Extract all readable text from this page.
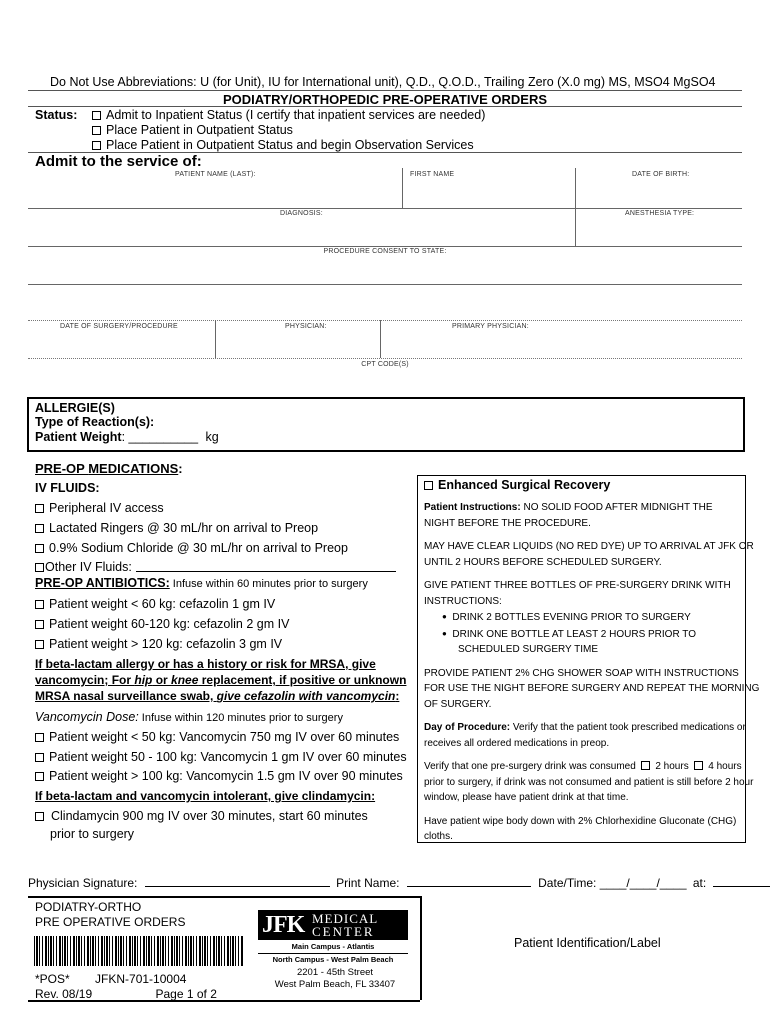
Do Not Use Abbreviations: U (for Unit), IU for International unit), Q.D., Q.O.D., Trailing Zero (X.0 mg) MS, MSO4 MgSO4
PODIATRY/ORTHOPEDIC PRE-OPERATIVE ORDERS
Status:	Admit to Inpatient Status (I certify that inpatient services are needed)
Place Patient in Outpatient Status
Place Patient in Outpatient Status and begin Observation Services
Admit to the service of:
PATIENT NAME (LAST):	FIRST NAME	DATE OF BIRTH:
DIAGNOSIS:	ANESTHESIA TYPE:
PROCEDURE CONSENT TO STATE:
DATE OF SURGERY/PROCEDURE	PHYSICIAN:	PRIMARY PHYSICIAN:
CPT CODE(S)
ALLERGIE(S)
Type of Reaction(s):
Patient Weight: __________ kg
PRE-OP MEDICATIONS:
IV FLUIDS:
Peripheral IV access
Lactated Ringers @ 30 mL/hr on arrival to Preop
0.9% Sodium Chloride @ 30 mL/hr on arrival to Preop
Other IV Fluids:
PRE-OP ANTIBIOTICS: Infuse within 60 minutes prior to surgery
Patient weight < 60 kg: cefazolin 1 gm IV
Patient weight 60-120 kg: cefazolin 2 gm IV
Patient weight > 120 kg: cefazolin 3 gm IV
If beta-lactam allergy or has a history or risk for MRSA, give
vancomycin; For hip or knee replacement, if positive or unknown
MRSA nasal surveillance swab, give cefazolin with vancomycin:
Vancomycin Dose: Infuse within 120 minutes prior to surgery
Patient weight < 50 kg: Vancomycin 750 mg IV over 60 minutes
Patient weight 50 - 100 kg: Vancomycin 1 gm IV over 60 minutes
Patient weight > 100 kg: Vancomycin 1.5 gm IV over 90 minutes
If beta-lactam and vancomycin intolerant, give clindamycin:
Clindamycin 900 mg IV over 30 minutes, start 60 minutes
prior to surgery
Enhanced Surgical Recovery
Patient Instructions: NO SOLID FOOD AFTER MIDNIGHT THE
NIGHT BEFORE THE PROCEDURE.
MAY HAVE CLEAR LIQUIDS (NO RED DYE) UP TO ARRIVAL AT JFK OR
UNTIL 2 HOURS BEFORE SCHEDULED SURGERY.
GIVE PATIENT THREE BOTTLES OF PRE-SURGERY DRINK WITH
INSTRUCTIONS:
● DRINK 2 BOTTLES EVENING PRIOR TO SURGERY
● DRINK ONE BOTTLE AT LEAST 2 HOURS PRIOR TO
SCHEDULED SURGERY TIME
PROVIDE PATIENT 2% CHG SHOWER SOAP WITH INSTRUCTIONS
FOR USE THE NIGHT BEFORE SURGERY AND REPEAT THE MORNING
OF SURGERY.
Day of Procedure: Verify that the patient took prescribed medications or
receives all ordered medications in preop.
Verify that one pre-surgery drink was consumed 2 hours 4 hours
prior to surgery, if drink was not consumed and patient is still before 2 hour
window, please have patient drink at that time.
Have patient wipe body down with 2% Chlorhexidine Gluconate (CHG)
cloths.
Physician Signature:	Print Name:	Date/Time: ____/____/____ at:
PODIATRY-ORTHO
PRE OPERATIVE ORDERS
*POS* JFKN-701-10004
Rev. 08/19	Page 1 of 2
JFK MEDICAL
CENTER
Main Campus - Atlantis
North Campus - West Palm Beach
2201 - 45th Street
West Palm Beach, FL 33407
Patient Identification/Label
